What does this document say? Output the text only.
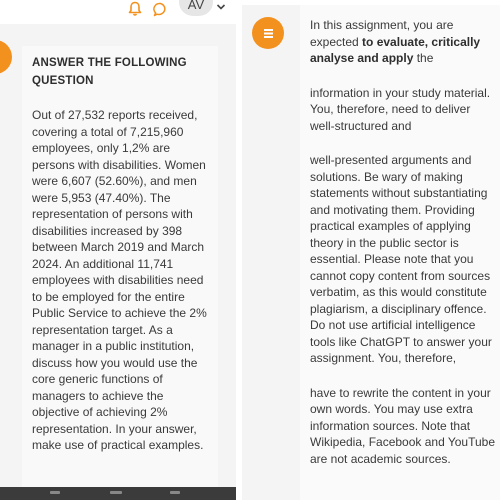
AV
ANSWER THE FOLLOWING QUESTION
Out of 27,532 reports received, covering a total of 7,215,960 employees, only 1,2% are persons with disabilities. Women were 6,607 (52.60%), and men were 5,953 (47.40%). The representation of persons with disabilities increased by 398 between March 2019 and March 2024. An additional 11,741 employees with disabilities need to be employed for the entire Public Service to achieve the 2% representation target. As a manager in a public institution, discuss how you would use the core generic functions of managers to achieve the objective of achieving 2% representation. In your answer, make use of practical examples.
In this assignment, you are expected to evaluate, critically analyse and apply the
information in your study material. You, therefore, need to deliver well-structured and
well-presented arguments and solutions. Be wary of making statements without substantiating and motivating them. Providing practical examples of applying theory in the public sector is essential. Please note that you cannot copy content from sources verbatim, as this would constitute plagiarism, a disciplinary offence. Do not use artificial intelligence tools like ChatGPT to answer your assignment. You, therefore,
have to rewrite the content in your own words. You may use extra information sources. Note that Wikipedia, Facebook and YouTube are not academic sources.
